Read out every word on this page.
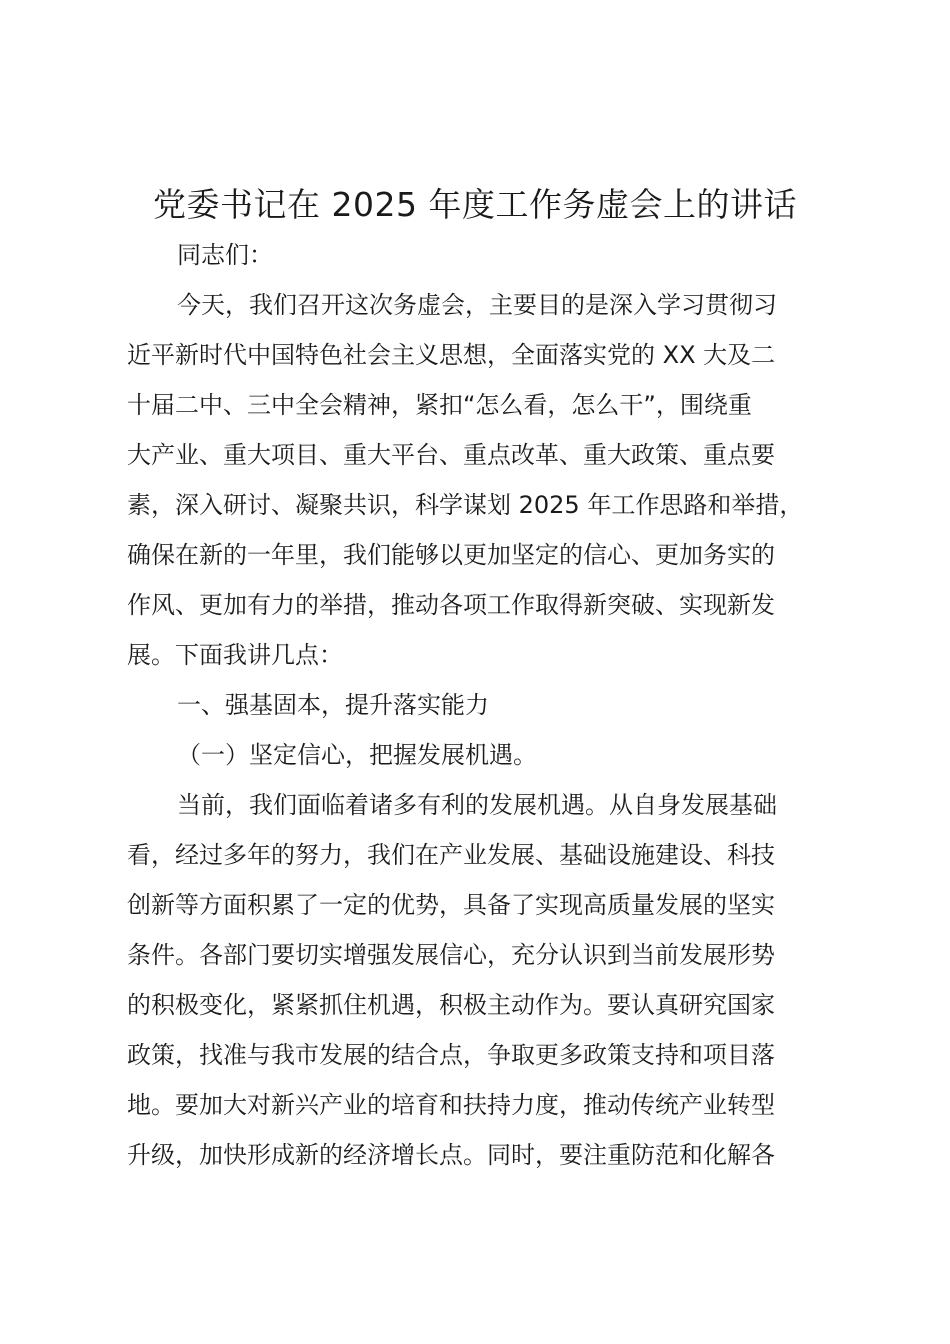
党委书记在 2025 年度工作务虚会上的讲话
同志们：
今天，我们召开这次务虚会，主要目的是深入学习贯彻习
近平新时代中国特色社会主义思想，全面落实党的 XX 大及二
十届二中、三中全会精神，紧扣“怎么看，怎么干”，围绕重
大产业、重大项目、重大平台、重点改革、重大政策、重点要
素，深入研讨、凝聚共识，科学谋划 2025 年工作思路和举措，
确保在新的一年里，我们能够以更加坚定的信心、更加务实的
作风、更加有力的举措，推动各项工作取得新突破、实现新发
展。下面我讲几点：
一、强基固本，提升落实能力
（一）坚定信心，把握发展机遇。
当前，我们面临着诸多有利的发展机遇。从自身发展基础
看，经过多年的努力，我们在产业发展、基础设施建设、科技
创新等方面积累了一定的优势，具备了实现高质量发展的坚实
条件。各部门要切实增强发展信心，充分认识到当前发展形势
的积极变化，紧紧抓住机遇，积极主动作为。要认真研究国家
政策，找准与我市发展的结合点，争取更多政策支持和项目落
地。要加大对新兴产业的培育和扶持力度，推动传统产业转型
升级，加快形成新的经济增长点。同时，要注重防范和化解各
